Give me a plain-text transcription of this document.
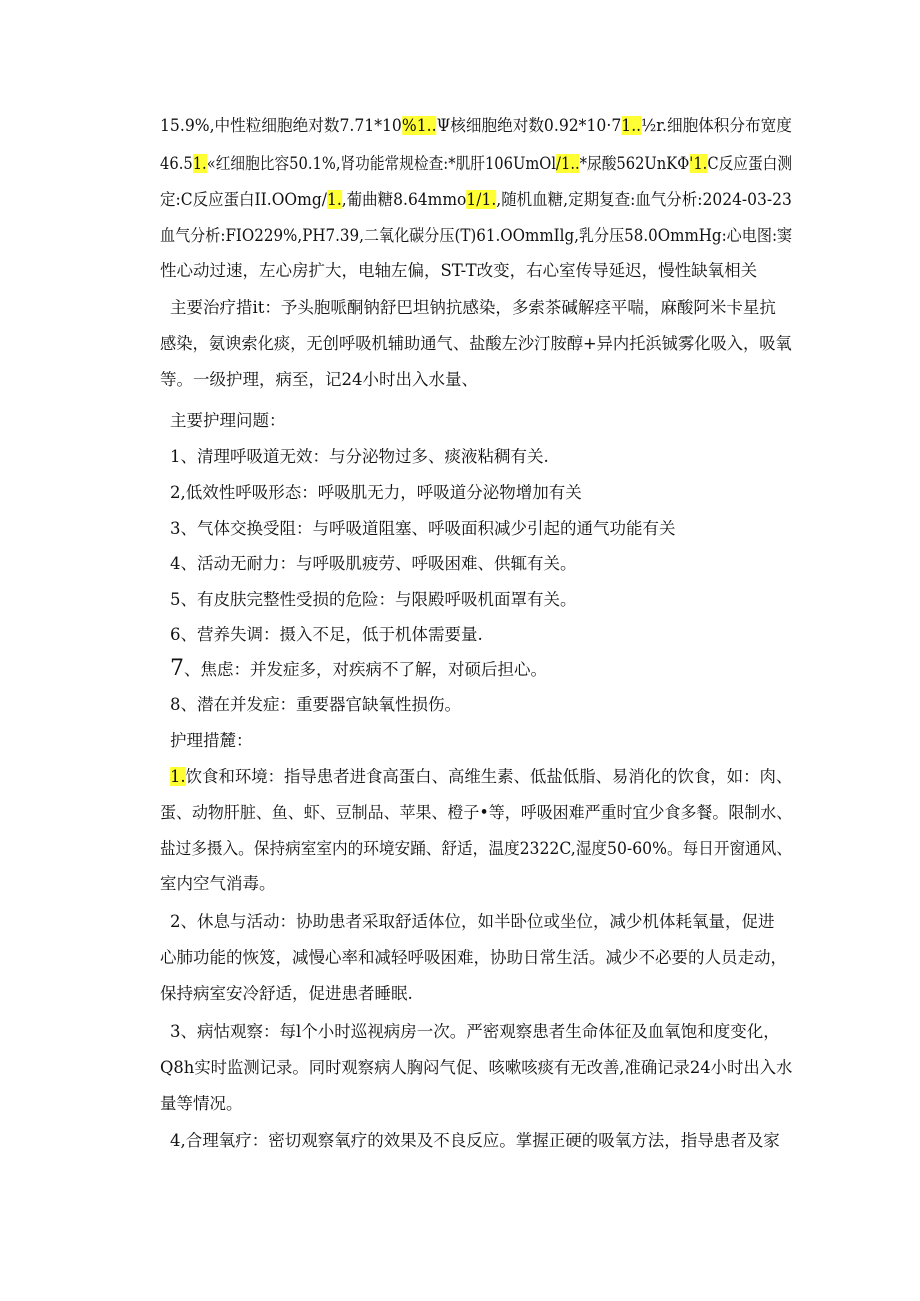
15.9%,中性粒细胞绝对数7.71*10%1..Ψ核细胞绝对数0.92*10·71..½r.细胞体积分布宽度
46.51.«红细胞比容50.1%,肾功能常规检查:*肌肝106UmOl/1..*尿酸562UnKΦ'1.C反应蛋白测
定:C反应蛋白II.OOmg/1.,葡曲糖8.64mmo1/1.,随机血糖,定期复查:血气分析:2024-03-23
血气分析:FIO229%,PH7.39,二氧化碳分压(T)61.OOmmIlg,乳分压58.0OmmHg:心电图:窦
性心动过速，左心房扩大，电轴左偏，ST-T改变，右心室传导延迟，慢性缺氧相关
主要治疗措it：予头胞哌酮钠舒巴坦钠抗感染，多索茶碱解痉平喘，麻酸阿米卡星抗
感染，氨谀索化痰，无创呼吸机辅助通气、盐酸左沙汀胺醇+异内托浜铖雾化吸入，吸氧
等。一级护理，病至，记24小时出入水量、
主要护理问题：
1、清理呼吸道无效：与分泌物过多、痰液粘稠有关.
2,低效性呼吸形态：呼吸肌无力，呼吸道分泌物增加有关
3、气体交换受阻：与呼吸道阻塞、呼吸面积减少引起的通气功能有关
4、活动无耐力：与呼吸肌疲劳、呼吸困难、供辄有关。
5、有皮肤完整性受损的危险：与限殿呼吸机面罩有关。
6、营养失调：摄入不足，低于机体需要量.
7、焦虑：并发症多，对疾病不了解，对硕后担心。
8、潜在并发症：重要器官缺氧性损伤。
护理措麓：
1.饮食和环境：指导患者进食高蛋白、高维生素、低盐低脂、易消化的饮食，如：肉、
蛋、动物肝脏、鱼、虾、豆制品、苹果、橙子•等，呼吸困难严重时宜少食多餐。限制水、
盐过多摄入。保持病室室内的环境安踊、舒适，温度2322C,湿度50-60%。每日开窗通风、
室内空气消毒。
2、休息与活动：协助患者采取舒适体位，如半卧位或坐位，减少机体耗氧量，促进
心肺功能的恢笈，减慢心率和减轻呼吸困难，协助日常生活。减少不必要的人员走动，
保持病室安冷舒适，促进患者睡眠.
3、病怙观察：每l个小时巡视病房一次。严密观察患者生命体征及血氧饱和度变化，
Q8h实时监测记录。同时观察病人胸闷气促、咳嗽咳痰有无改善,准确记录24小时出入水
量等情况。
4,合理氧疗：密切观察氧疗的效果及不良反应。掌握正硬的吸氧方法，指导患者及家
